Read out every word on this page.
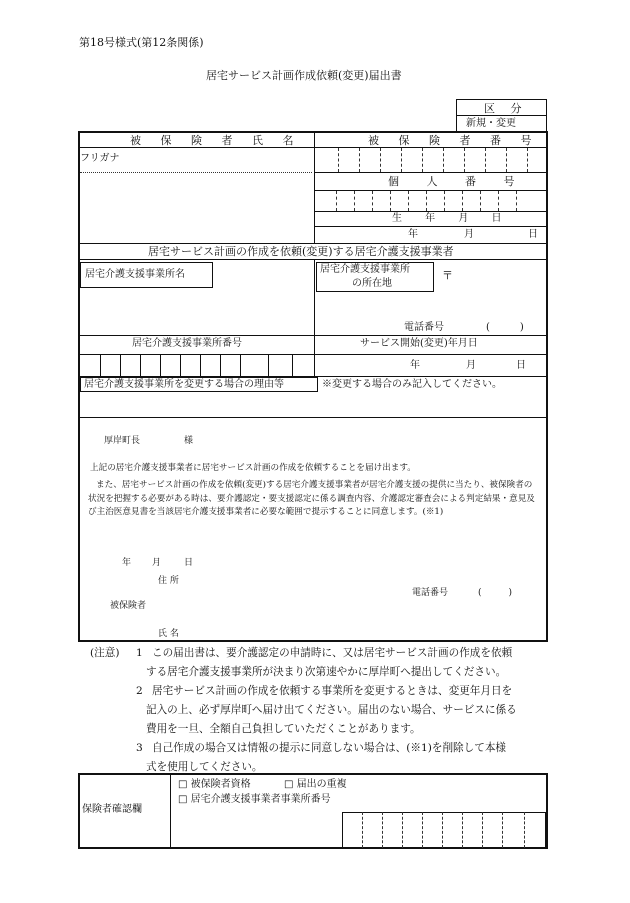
第18号様式(第12条関係)
居宅サービス計画作成依頼(変更)届出書
区 分
新規・変更
被 保 険 者 氏 名	被 保 険 者 番 号
フリガナ
個 人 番 号
生 年 月 日
年	月	日
居宅サービス計画の作成を依頼(変更)する居宅介護支援事業者
居宅介護支援事業所名	居宅介護支援事業所
の所在地
〒
電話番号	(　　　)
居宅介護支援事業所番号	サービス開始(変更)年月日
年	月	日
居宅介護支援事業所を変更する場合の理由等	※変更する場合のみ記入してください。
厚岸町長	様
上記の居宅介護支援事業者に居宅サービス計画の作成を依頼することを届け出ます。
また、居宅サービス計画の作成を依頼(変更)する居宅介護支援事業者が居宅介護支援の提供に当たり、被保険者の状況を把握する必要がある時は、要介護認定・要支援認定に係る調査内容、介護認定審査会による判定結果・意見及び主治医意見書を当該居宅介護支援事業者に必要な範囲で提示することに同意します。(※1)
年 月	日
住 所
電話番号	(　　　)
被保険者
氏 名
(注意) 1 この届出書は、要介護認定の申請時に、又は居宅サービス計画の作成を依頼
する居宅介護支援事業所が決まり次第速やかに厚岸町へ提出してください。
2 居宅サービス計画の作成を依頼する事業所を変更するときは、変更年月日を
記入の上、必ず厚岸町へ届け出てください。届出のない場合、サービスに係る
費用を一旦、全額自己負担していただくことがあります。
3 自己作成の場合又は情報の提示に同意しない場合は、(※1)を削除して本様
式を使用してください。
保険者確認欄
□ 被保険者資格	□ 届出の重複
□ 居宅介護支援事業者事業所番号
